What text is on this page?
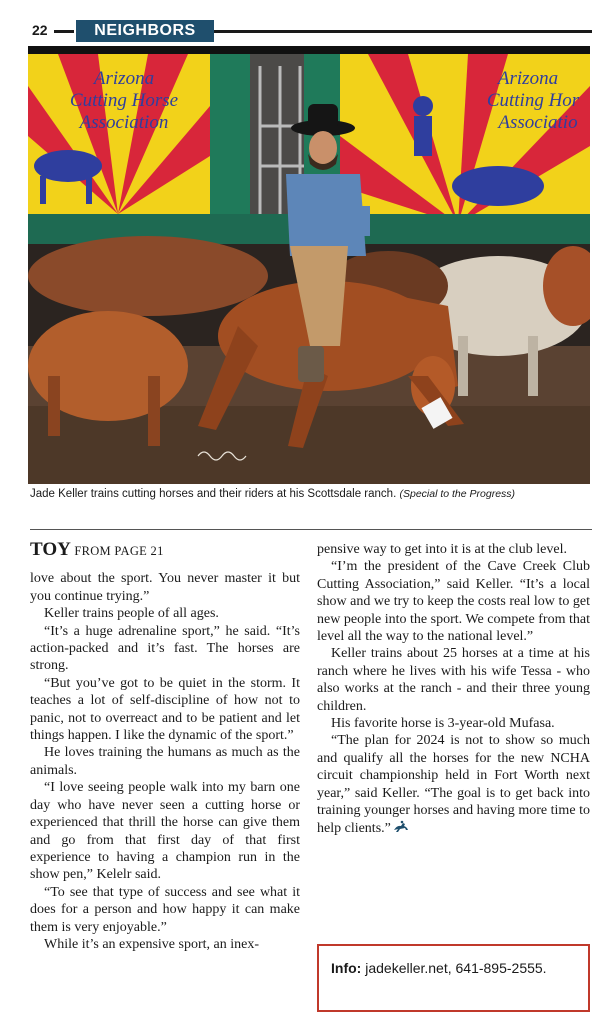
22	NEIGHBORS
Arizona
Cutting Horse
Association
Arizona
Cutting Hor
Associatio
Jade Keller trains cutting horses and their riders at his Scottsdale ranch. (Special to the Progress)
TOY FROM PAGE 21

love about the sport. You never master it but you continue trying.”

Keller trains people of all ages.

“It’s a huge adrenaline sport,” he said. “It’s action-packed and it’s fast. The horses are strong.

“But you’ve got to be quiet in the storm. It teaches a lot of self-discipline of how not to panic, not to overreact and to be patient and let things happen. I like the dynamic of the sport.”

He loves training the humans as much as the animals.

“I love seeing people walk into my barn one day who have never seen a cutting horse or experienced that thrill the horse can give them and go from that first day of that first experience to having a champion run in the show pen,” Kelelr said.

“To see that type of success and see what it does for a person and how happy it can make them is very enjoyable.”

While it’s an expensive sport, an inex-

pensive way to get into it is at the club level.

“I’m the president of the Cave Creek Club Cutting Association,” said Keller. “It’s a local show and we try to keep the costs real low to get new people into the sport. We compete from that level all the way to the national level.”

Keller trains about 25 horses at a time at his ranch where he lives with his wife Tessa - who also works at the ranch - and their three young children.

His favorite horse is 3-year-old Mufasa.

“The plan for 2024 is not to show so much and qualify all the horses for the new NCHA circuit championship held in Fort Worth next year,” said Keller. “The goal is to get back into training younger horses and having more time to help clients.”

Info: jadekeller.net, 641-895-2555.
